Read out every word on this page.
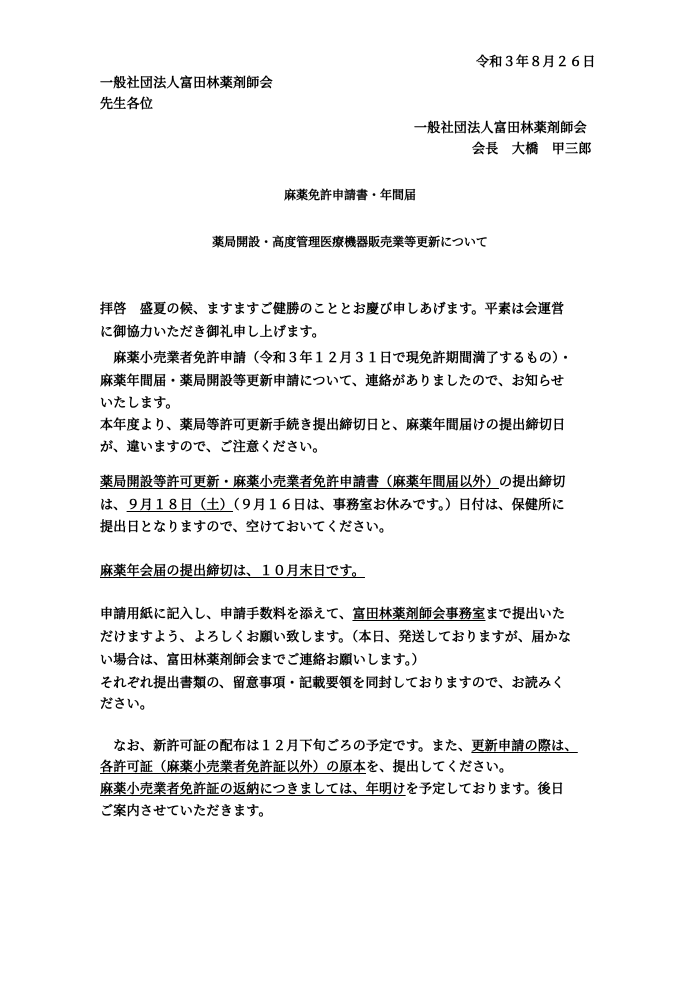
令和３年８月２６日
一般社団法人富田林薬剤師会
先生各位
一般社団法人富田林薬剤師会
会長　大橋　甲三郎
麻薬免許申請書・年間届
薬局開設・高度管理医療機器販売業等更新について
拝啓　盛夏の候、ますますご健勝のこととお慶び申しあげます。平素は会運営
に御協力いただき御礼申し上げます。
　麻薬小売業者免許申請（令和３年１２月３１日で現免許期間満了するもの）・
麻薬年間届・薬局開設等更新申請について、連絡がありましたので、お知らせ
いたします。
本年度より、薬局等許可更新手続き提出締切日と、麻薬年間届けの提出締切日
が、違いますので、ご注意ください。
薬局開設等許可更新・麻薬小売業者免許申請書（麻薬年間届以外）の提出締切
は、９月１８日（土）（９月１６日は、事務室お休みです。）日付は、保健所に
提出日となりますので、空けておいてください。
麻薬年会届の提出締切は、１０月末日です。
申請用紙に記入し、申請手数料を添えて、富田林薬剤師会事務室まで提出いた
だけますよう、よろしくお願い致します。（本日、発送しておりますが、届かな
い場合は、富田林薬剤師会までご連絡お願いします。）
それぞれ提出書類の、留意事項・記載要領を同封しておりますので、お読みく
ださい。
　なお、新許可証の配布は１２月下旬ごろの予定です。また、更新申請の際は、
各許可証（麻薬小売業者免許証以外）の原本を、提出してください。
麻薬小売業者免許証の返納につきましては、年明けを予定しております。後日
ご案内させていただきます。
